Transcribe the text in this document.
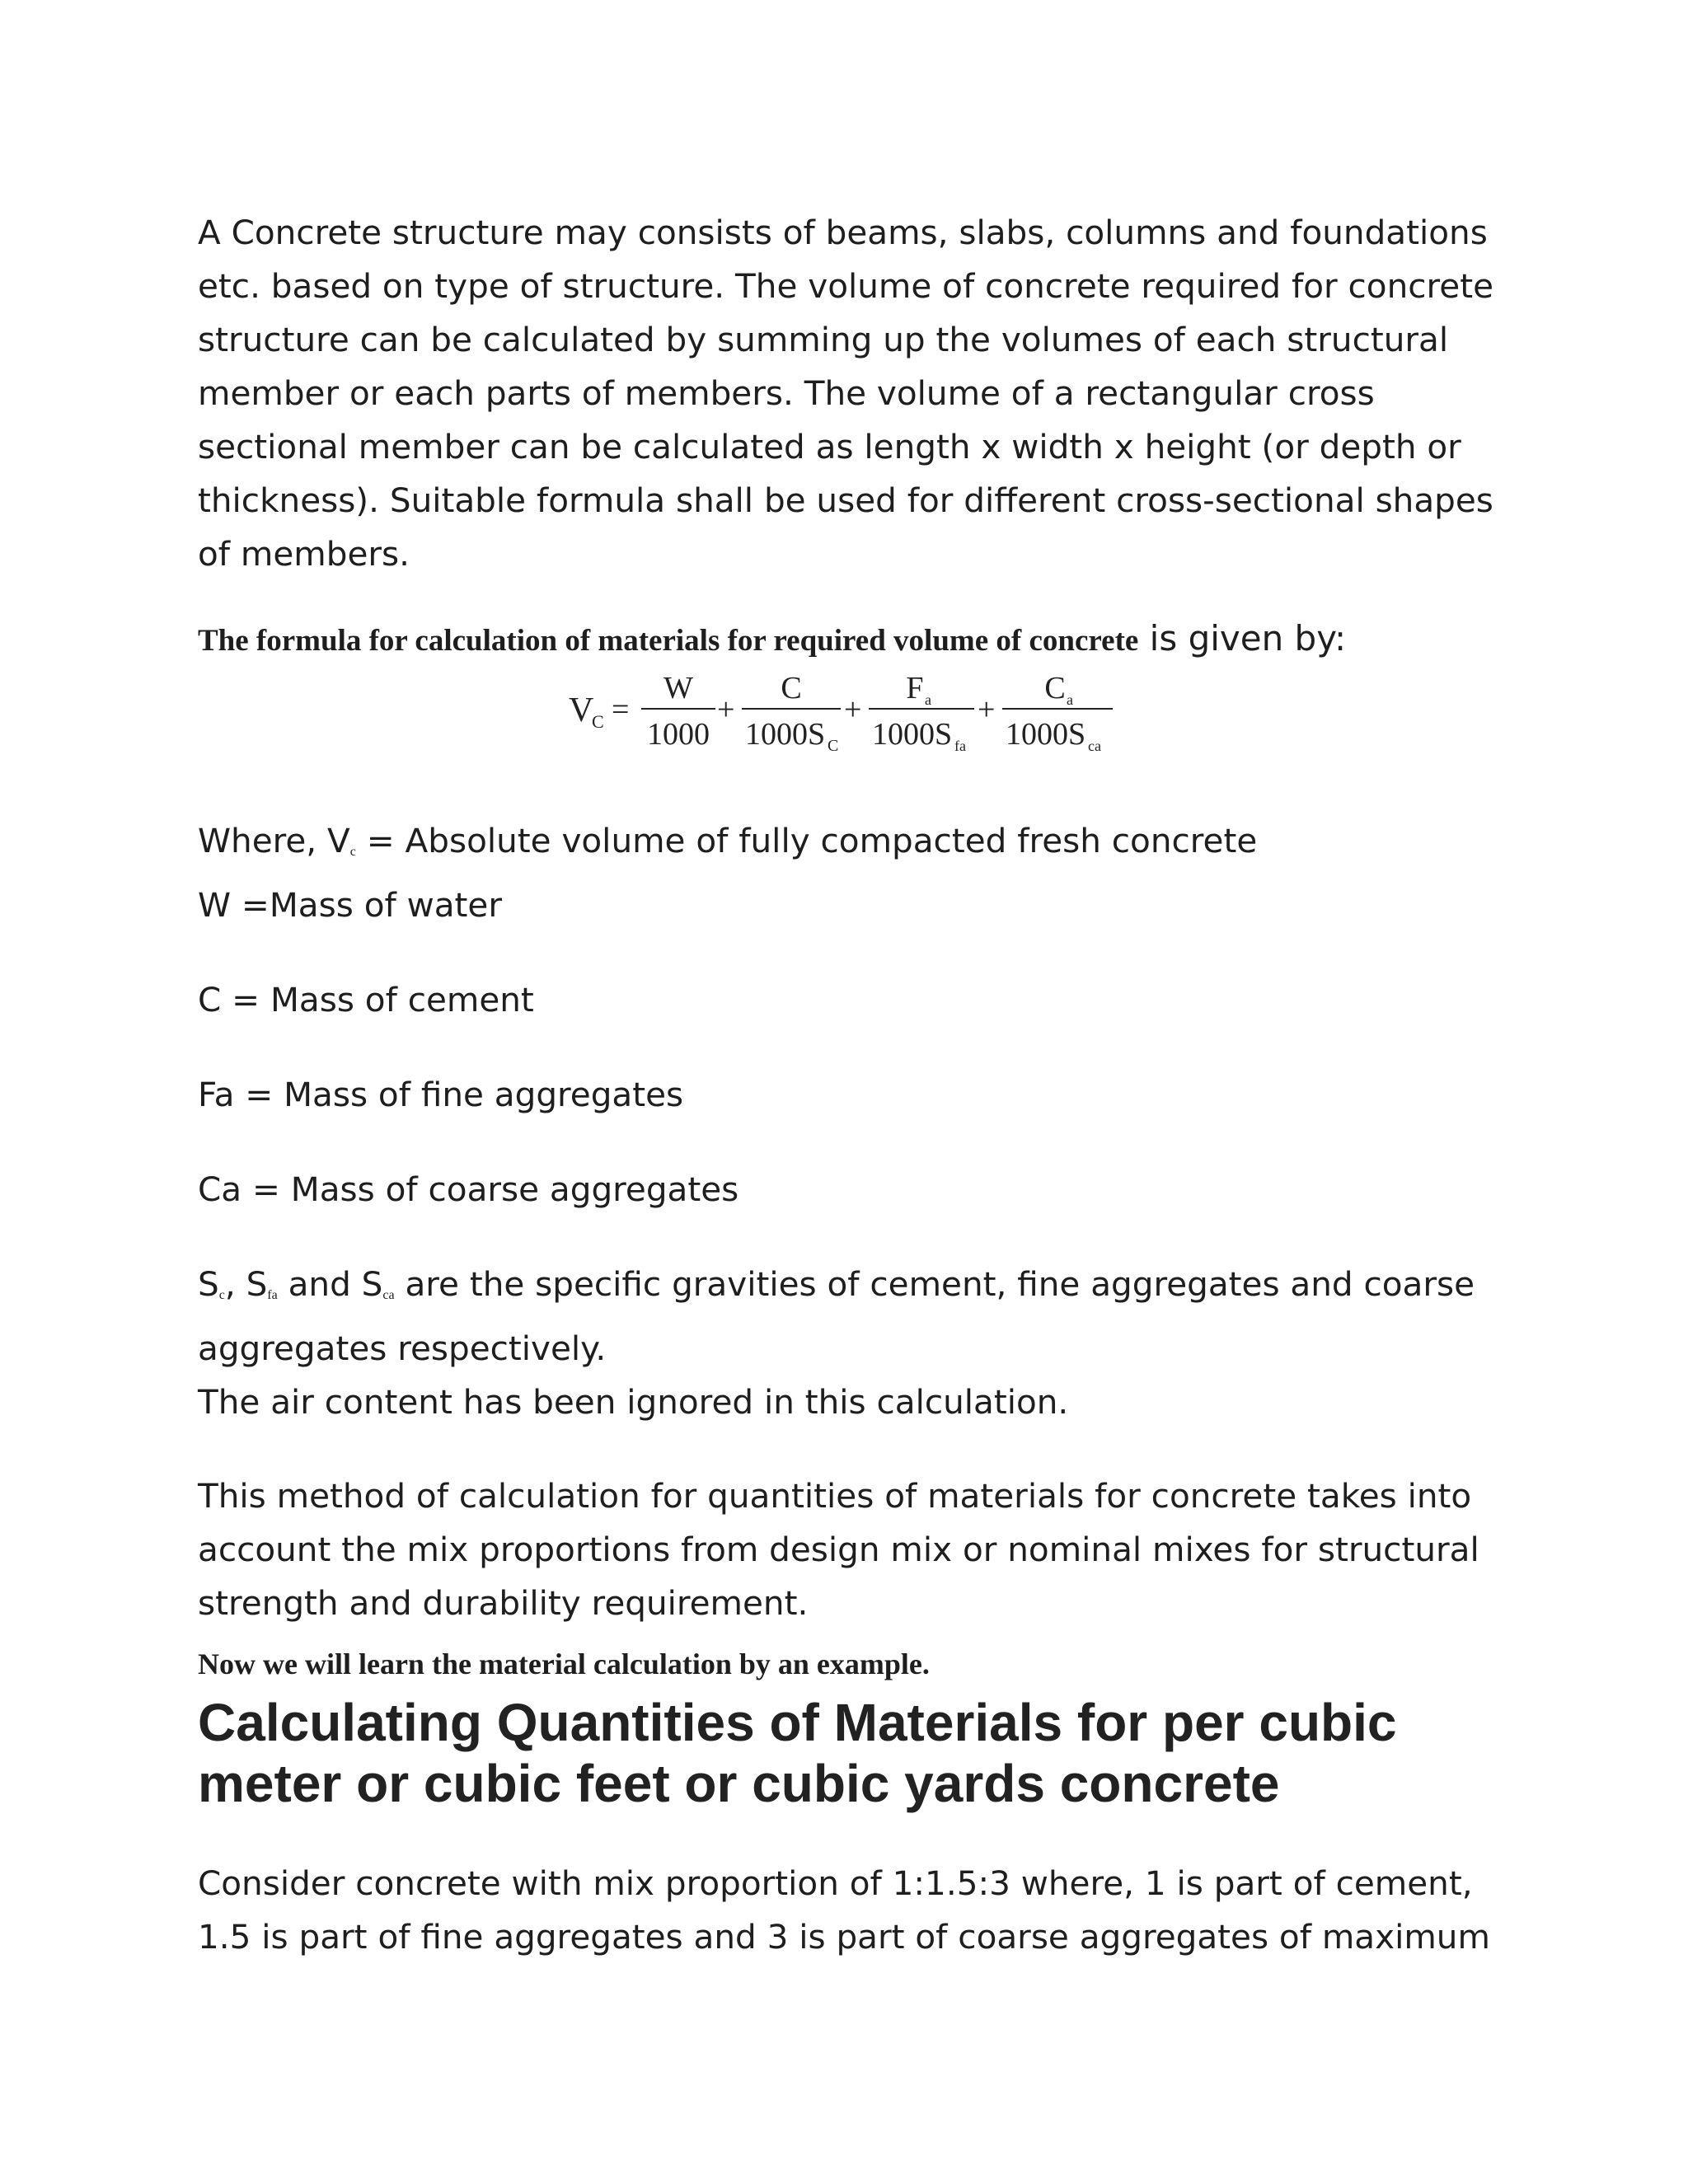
A Concrete structure may consists of beams, slabs, columns and foundations etc. based on type of structure. The volume of concrete required for concrete structure can be calculated by summing up the volumes of each structural member or each parts of members. The volume of a rectangular cross sectional member can be calculated as length x width x height (or depth or thickness). Suitable formula shall be used for different cross-sectional shapes of members.

The formula for calculation of materials for required volume of concrete is given by:
V
C =
W
1000
+
C
1000S C
+
F a
1000S fa
+
C a
1000S ca

Where, $V_c$ = Absolute volume of fully compacted fresh concrete

W =Mass of water

C = Mass of cement

Fa = Mass of fine aggregates

Ca = Mass of coarse aggregates

$S_c$, $S_{fa}$ and $S_{ca}$ are the specific gravities of cement, fine aggregates and coarse aggregates respectively.

The air content has been ignored in this calculation.

This method of calculation for quantities of materials for concrete takes into account the mix proportions from design mix or nominal mixes for structural strength and durability requirement.

Now we will learn the material calculation by an example.
Calculating Quantities of Materials for per cubic meter or cubic feet or cubic yards concrete

Consider concrete with mix proportion of 1:1.5:3 where, 1 is part of cement, 1.5 is part of fine aggregates and 3 is part of coarse aggregates of maximum
